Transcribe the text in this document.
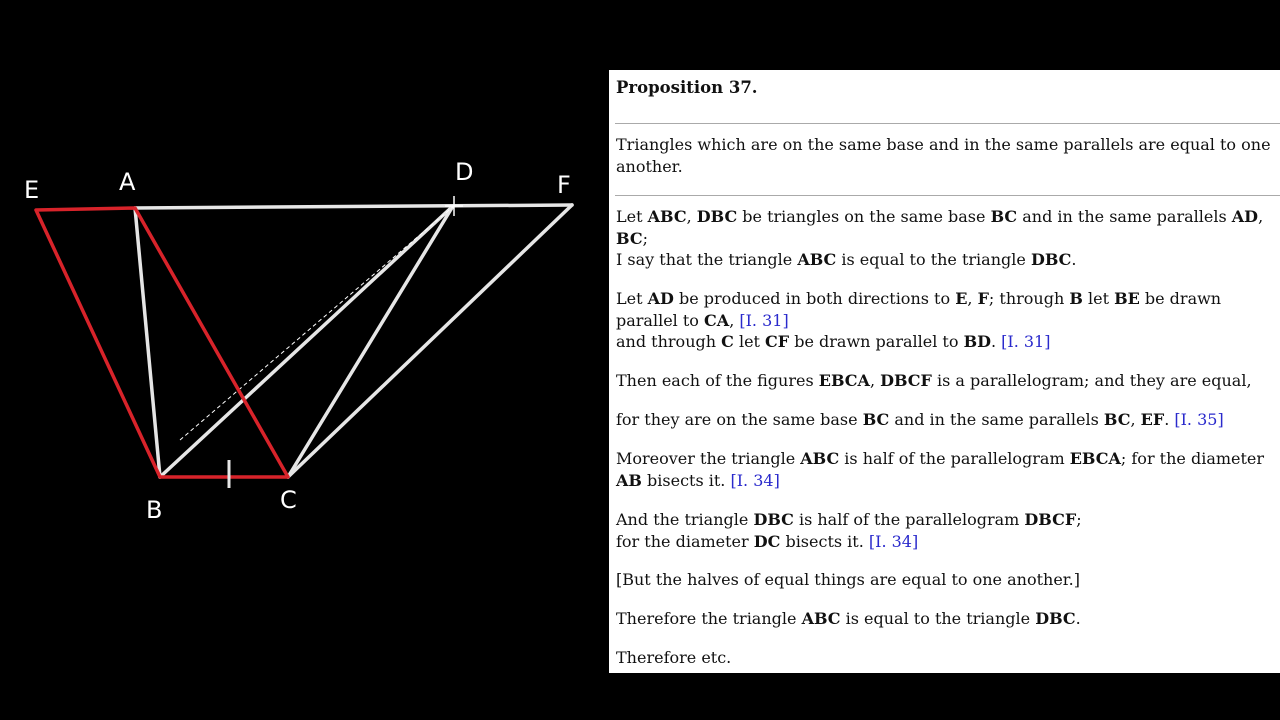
E	A	D	F
B	C
Proposition 37.
Triangles which are on the same base and in the same parallels are equal to one another.
Let ABC, DBC be triangles on the same base BC and in the same parallels AD, BC;
I say that the triangle ABC is equal to the triangle DBC.
Let AD be produced in both directions to E, F; through B let BE be drawn parallel to CA, [I. 31]
and through C let CF be drawn parallel to BD. [I. 31]
Then each of the figures EBCA, DBCF is a parallelogram; and they are equal,
for they are on the same base BC and in the same parallels BC, EF. [I. 35]
Moreover the triangle ABC is half of the parallelogram EBCA; for the diameter AB bisects it. [I. 34]
And the triangle DBC is half of the parallelogram DBCF;
for the diameter DC bisects it. [I. 34]
[But the halves of equal things are equal to one another.]
Therefore the triangle ABC is equal to the triangle DBC.
Therefore etc.
